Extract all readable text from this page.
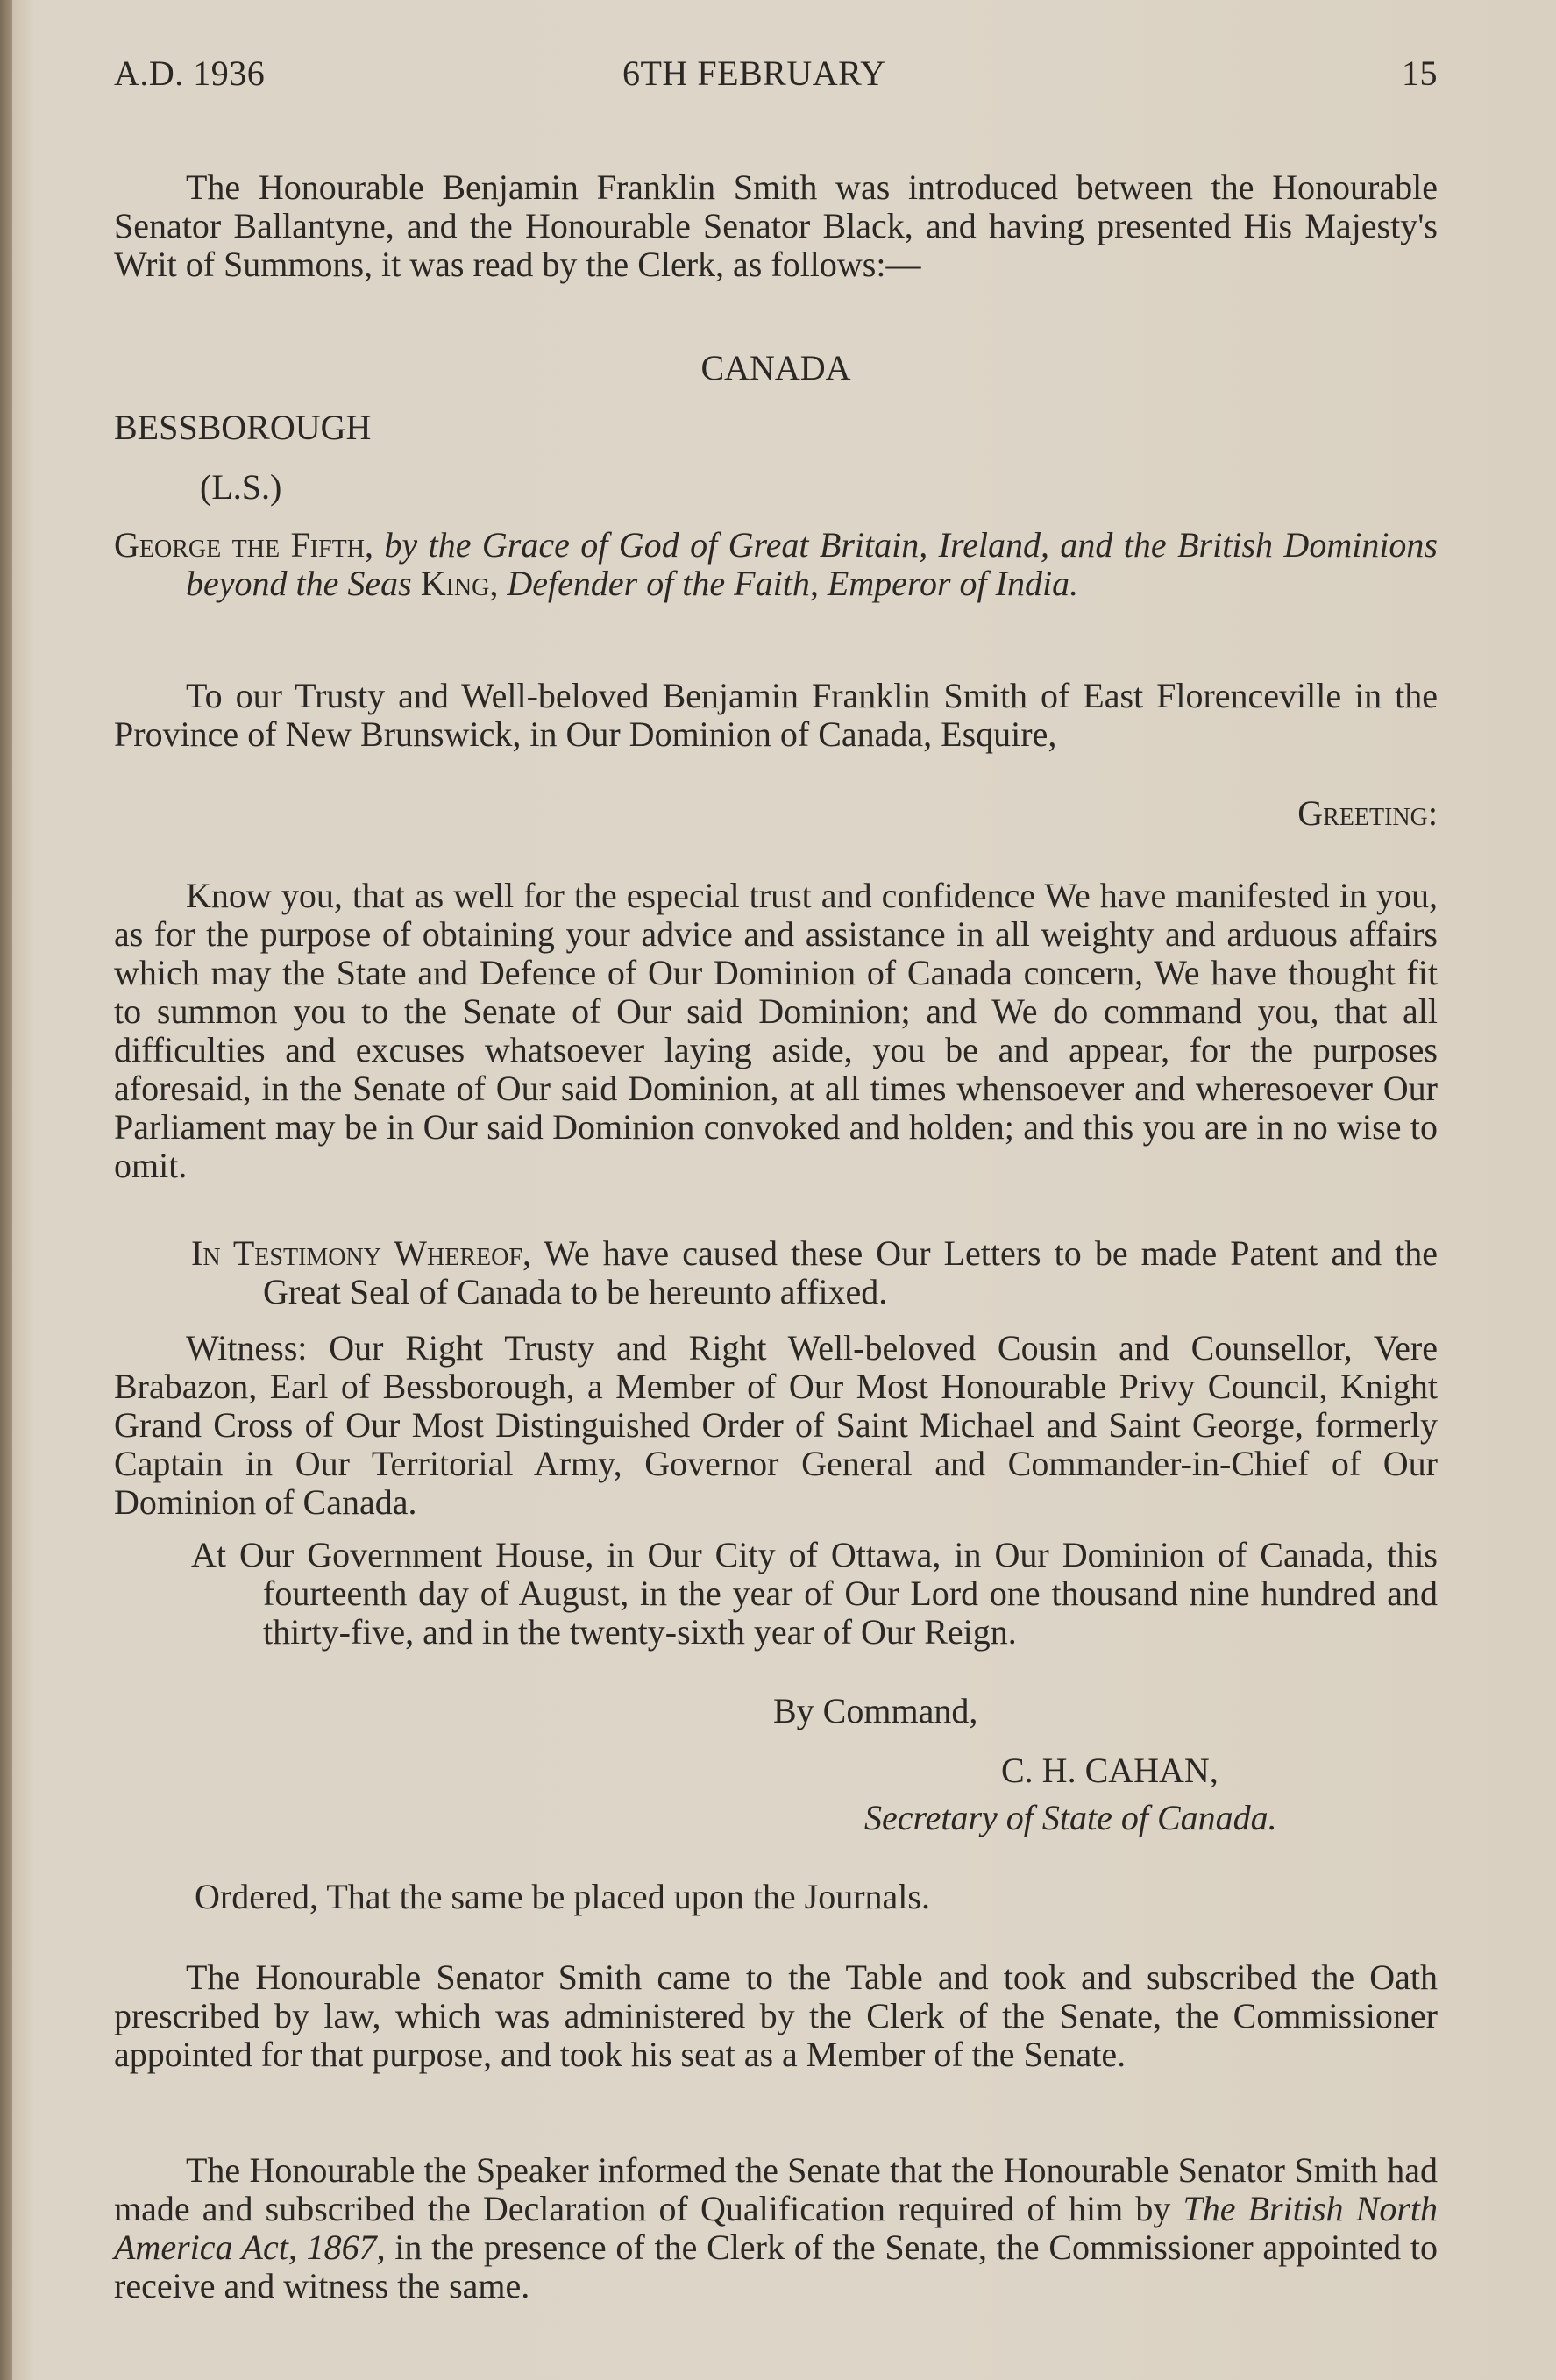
A.D. 1936	6TH FEBRUARY	15
The Honourable Benjamin Franklin Smith was introduced between the Honourable Senator Ballantyne, and the Honourable Senator Black, and having presented His Majesty's Writ of Summons, it was read by the Clerk, as follows:—
CANADA
BESSBOROUGH
(L.S.)
George the Fifth, by the Grace of God of Great Britain, Ireland, and the British Dominions beyond the Seas King, Defender of the Faith, Emperor of India.
To our Trusty and Well-beloved Benjamin Franklin Smith of East Florenceville in the Province of New Brunswick, in Our Dominion of Canada, Esquire,
Greeting:
Know you, that as well for the especial trust and confidence We have manifested in you, as for the purpose of obtaining your advice and assistance in all weighty and arduous affairs which may the State and Defence of Our Dominion of Canada concern, We have thought fit to summon you to the Senate of Our said Dominion; and We do command you, that all difficulties and excuses whatsoever laying aside, you be and appear, for the purposes aforesaid, in the Senate of Our said Dominion, at all times whensoever and wheresoever Our Parliament may be in Our said Dominion convoked and holden; and this you are in no wise to omit.
In Testimony Whereof, We have caused these Our Letters to be made Patent and the Great Seal of Canada to be hereunto affixed.
Witness: Our Right Trusty and Right Well-beloved Cousin and Counsellor, Vere Brabazon, Earl of Bessborough, a Member of Our Most Honourable Privy Council, Knight Grand Cross of Our Most Distinguished Order of Saint Michael and Saint George, formerly Captain in Our Territorial Army, Governor General and Commander-in-Chief of Our Dominion of Canada.
At Our Government House, in Our City of Ottawa, in Our Dominion of Canada, this fourteenth day of August, in the year of Our Lord one thousand nine hundred and thirty-five, and in the twenty-sixth year of Our Reign.
By Command,
C. H. CAHAN,
Secretary of State of Canada.
Ordered, That the same be placed upon the Journals.
The Honourable Senator Smith came to the Table and took and subscribed the Oath prescribed by law, which was administered by the Clerk of the Senate, the Commissioner appointed for that purpose, and took his seat as a Member of the Senate.
The Honourable the Speaker informed the Senate that the Honourable Senator Smith had made and subscribed the Declaration of Qualification required of him by The British North America Act, 1867, in the presence of the Clerk of the Senate, the Commissioner appointed to receive and witness the same.
